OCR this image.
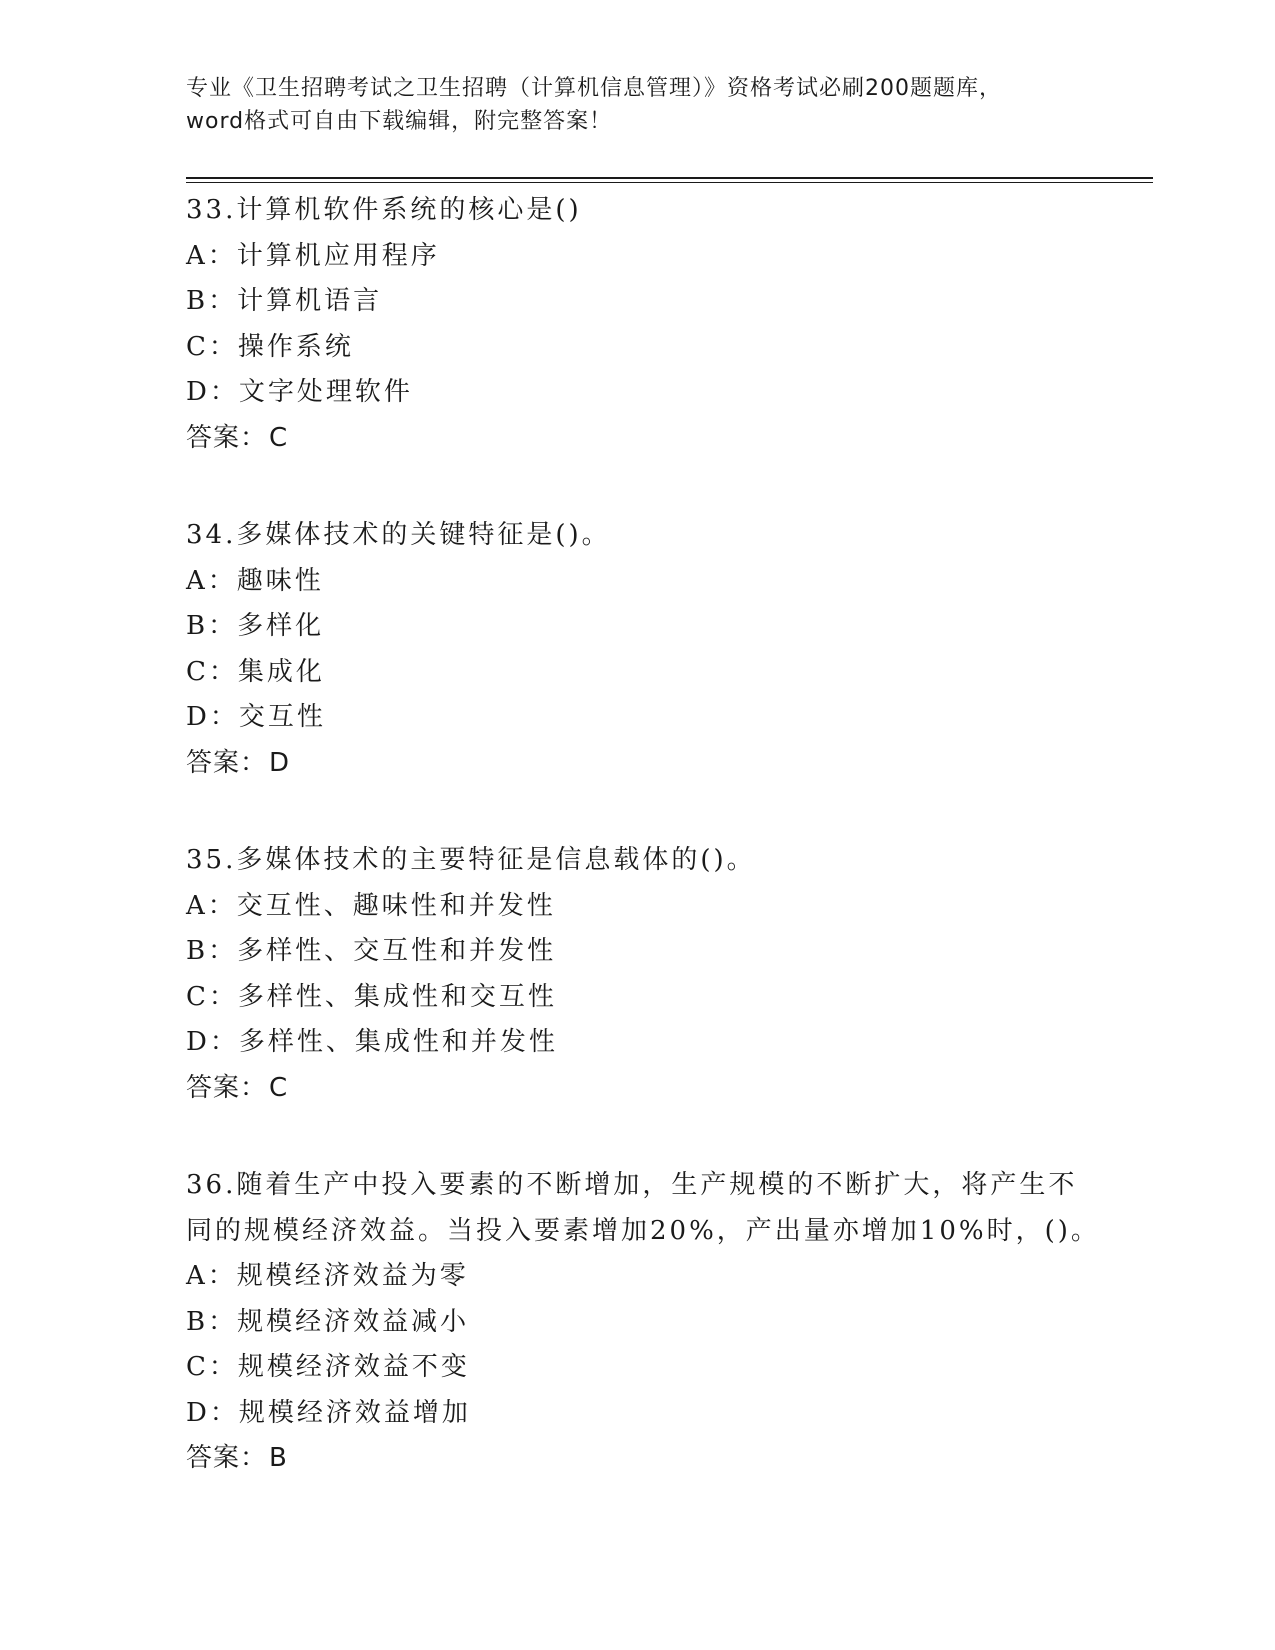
专业《卫生招聘考试之卫生招聘（计算机信息管理）》资格考试必刷200题题库，
word格式可自由下载编辑，附完整答案！
33.计算机软件系统的核心是()
A：计算机应用程序
B：计算机语言
C：操作系统
D：文字处理软件
答案：C
34.多媒体技术的关键特征是()。
A：趣味性
B：多样化
C：集成化
D：交互性
答案：D
35.多媒体技术的主要特征是信息载体的()。
A：交互性、趣味性和并发性
B：多样性、交互性和并发性
C：多样性、集成性和交互性
D：多样性、集成性和并发性
答案：C
36.随着生产中投入要素的不断增加，生产规模的不断扩大，将产生不
同的规模经济效益。当投入要素增加20%，产出量亦增加10%时，()。
A：规模经济效益为零
B：规模经济效益减小
C：规模经济效益不变
D：规模经济效益增加
答案：B
